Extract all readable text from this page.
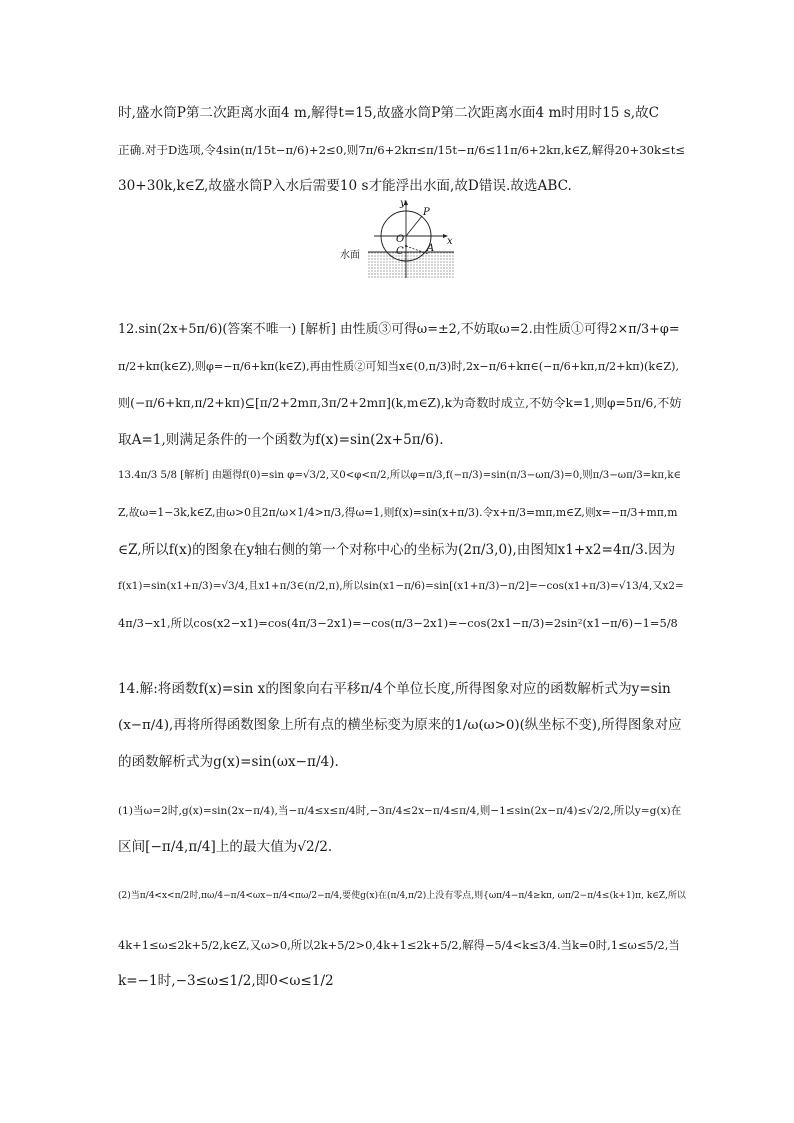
时,盛水筒P第二次距离水面4 m,解得t=15,故盛水筒P第二次距离水面4 m时用时15 s,故C
正确.对于D选项,令4sin(π/15t−π/6)+2≤0,则7π/6+2kπ≤π/15t−π/6≤11π/6+2kπ,k∈Z,解得20+30k≤t≤
30+30k,k∈Z,故盛水筒P入水后需要10 s才能浮出水面,故D错误.故选ABC.
y
x
P
O
C A
水面
12.sin(2x+5π/6)(答案不唯一) [解析] 由性质③可得ω=±2,不妨取ω=2.由性质①可得2×π/3+φ=
π/2+kπ(k∈Z),则φ=−π/6+kπ(k∈Z),再由性质②可知当x∈(0,π/3)时,2x−π/6+kπ∈(−π/6+kπ,π/2+kπ)(k∈Z),
则(−π/6+kπ,π/2+kπ)⊆[π/2+2mπ,3π/2+2mπ](k,m∈Z),k为奇数时成立,不妨令k=1,则φ=5π/6,不妨
取A=1,则满足条件的一个函数为f(x)=sin(2x+5π/6).
13.4π/3 5/8 [解析] 由题得f(0)=sin φ=√3/2,又0<φ<π/2,所以φ=π/3,f(−π/3)=sin(π/3−ωπ/3)=0,则π/3−ωπ/3=kπ,k∈
Z,故ω=1−3k,k∈Z,由ω>0且2π/ω×1/4>π/3,得ω=1,则f(x)=sin(x+π/3).令x+π/3=mπ,m∈Z,则x=−π/3+mπ,m
∈Z,所以f(x)的图象在y轴右侧的第一个对称中心的坐标为(2π/3,0),由图知x1+x2=4π/3.因为
f(x1)=sin(x1+π/3)=√3/4,且x1+π/3∈(π/2,π),所以sin(x1−π/6)=sin[(x1+π/3)−π/2]=−cos(x1+π/3)=√13/4,又x2=
4π/3−x1,所以cos(x2−x1)=cos(4π/3−2x1)=−cos(π/3−2x1)=−cos(2x1−π/3)=2sin²(x1−π/6)−1=5/8
14.解:将函数f(x)=sin x的图象向右平移π/4个单位长度,所得图象对应的函数解析式为y=sin
(x−π/4),再将所得函数图象上所有点的横坐标变为原来的1/ω(ω>0)(纵坐标不变),所得图象对应
的函数解析式为g(x)=sin(ωx−π/4).
(1)当ω=2时,g(x)=sin(2x−π/4),当−π/4≤x≤π/4时,−3π/4≤2x−π/4≤π/4,则−1≤sin(2x−π/4)≤√2/2,所以y=g(x)在
区间[−π/4,π/4]上的最大值为√2/2.
(2)当π/4<x<π/2时,πω/4−π/4<ωx−π/4<πω/2−π/4,要使g(x)在(π/4,π/2)上没有零点,则{ωπ/4−π/4≥kπ, ωπ/2−π/4≤(k+1)π, k∈Z,所以
4k+1≤ω≤2k+5/2,k∈Z,又ω>0,所以2k+5/2>0,4k+1≤2k+5/2,解得−5/4<k≤3/4.当k=0时,1≤ω≤5/2,当
k=−1时,−3≤ω≤1/2,即0<ω≤1/2
